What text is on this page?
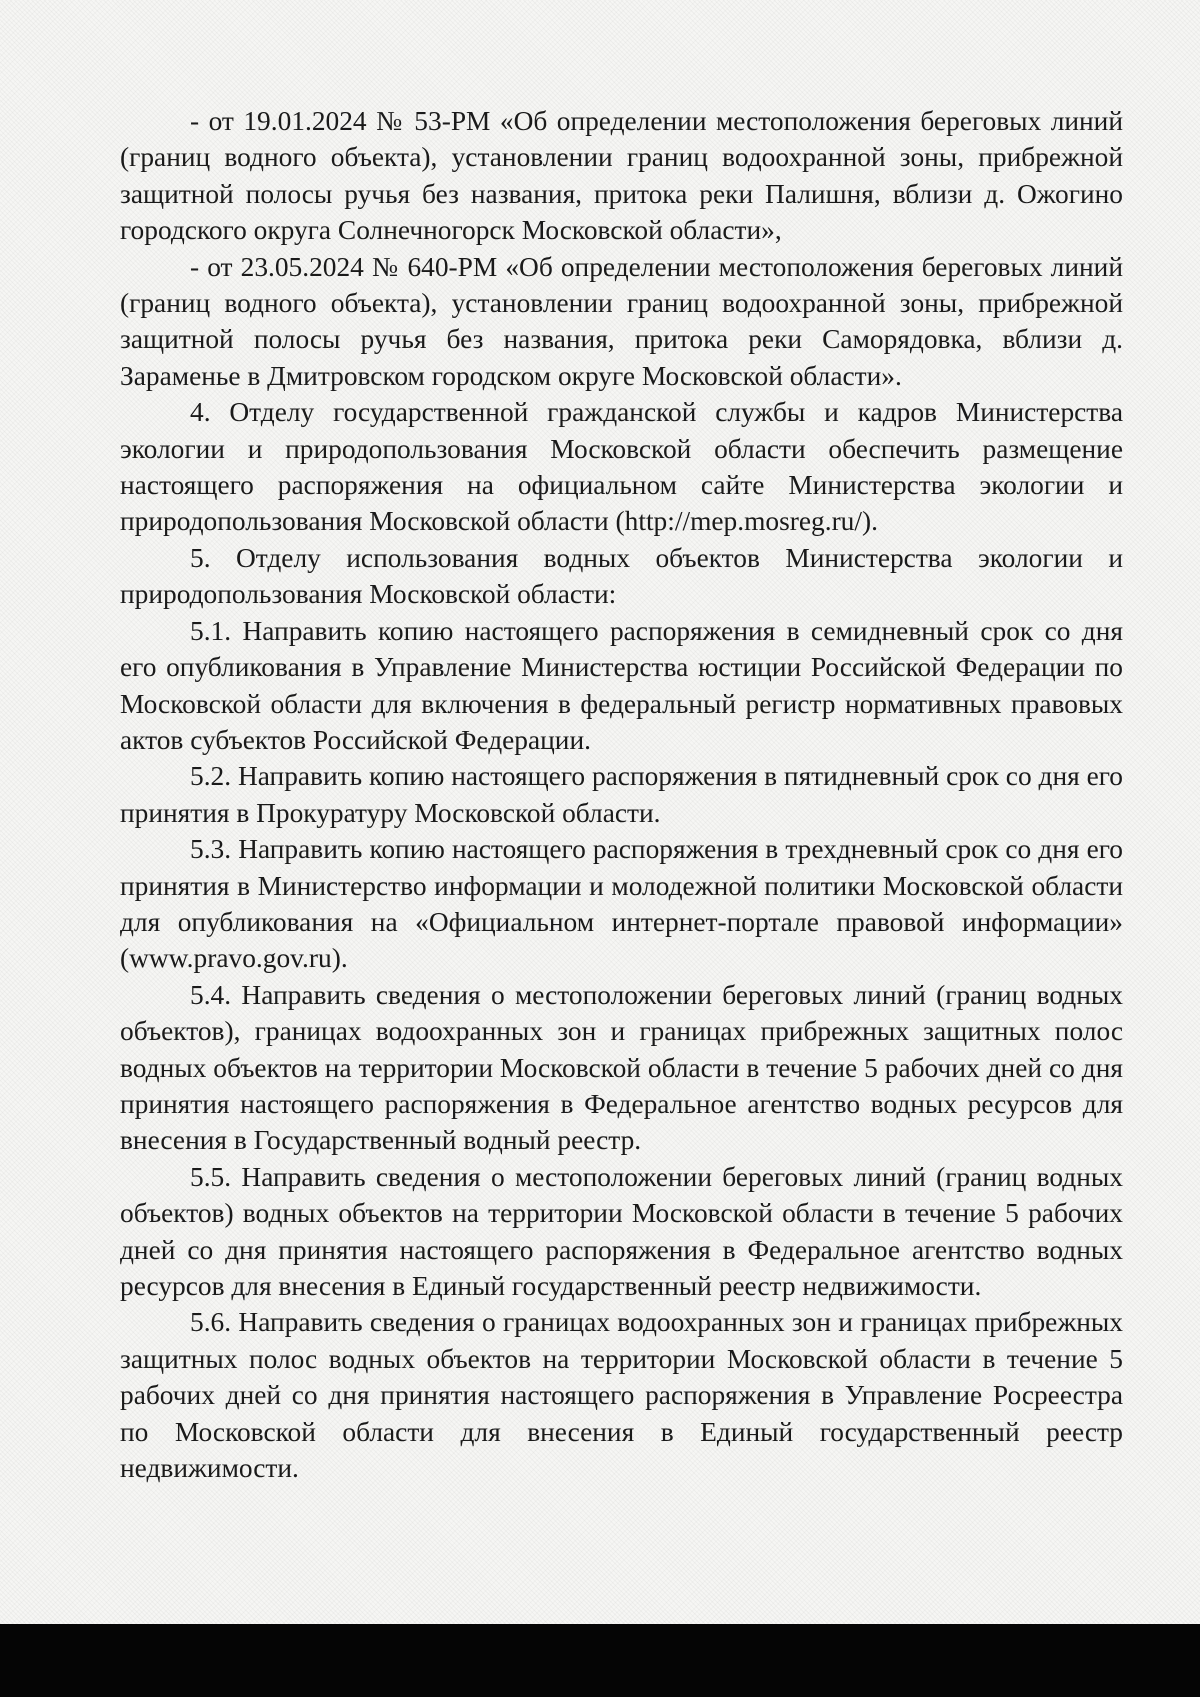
- от 19.01.2024 № 53-РМ «Об определении местоположения береговых линий (границ водного объекта), установлении границ водоохранной зоны, прибрежной защитной полосы ручья без названия, притока реки Палишня, вблизи д. Ожогино городского округа Солнечногорск Московской области»,

- от 23.05.2024 № 640-РМ «Об определении местоположения береговых линий (границ водного объекта), установлении границ водоохранной зоны, прибрежной защитной полосы ручья без названия, притока реки Саморядовка, вблизи д. Зараменье в Дмитровском городском округе Московской области».

4. Отделу государственной гражданской службы и кадров Министерства экологии и природопользования Московской области обеспечить размещение настоящего распоряжения на официальном сайте Министерства экологии и природопользования Московской области (http://mep.mosreg.ru/).

5. Отделу использования водных объектов Министерства экологии и природопользования Московской области:

5.1. Направить копию настоящего распоряжения в семидневный срок со дня его опубликования в Управление Министерства юстиции Российской Федерации по Московской области для включения в федеральный регистр нормативных правовых актов субъектов Российской Федерации.

5.2. Направить копию настоящего распоряжения в пятидневный срок со дня его принятия в Прокуратуру Московской области.

5.3. Направить копию настоящего распоряжения в трехдневный срок со дня его принятия в Министерство информации и молодежной политики Московской области для опубликования на «Официальном интернет-портале правовой информации» (www.pravo.gov.ru).

5.4. Направить сведения о местоположении береговых линий (границ водных объектов), границах водоохранных зон и границах прибрежных защитных полос водных объектов на территории Московской области в течение 5 рабочих дней со дня принятия настоящего распоряжения в Федеральное агентство водных ресурсов для внесения в Государственный водный реестр.

5.5. Направить сведения о местоположении береговых линий (границ водных объектов) водных объектов на территории Московской области в течение 5 рабочих дней со дня принятия настоящего распоряжения в Федеральное агентство водных ресурсов для внесения в Единый государственный реестр недвижимости.

5.6. Направить сведения о границах водоохранных зон и границах прибрежных защитных полос водных объектов на территории Московской области в течение 5 рабочих дней со дня принятия настоящего распоряжения в Управление Росреестра по Московской области для внесения в Единый государственный реестр недвижимости.
